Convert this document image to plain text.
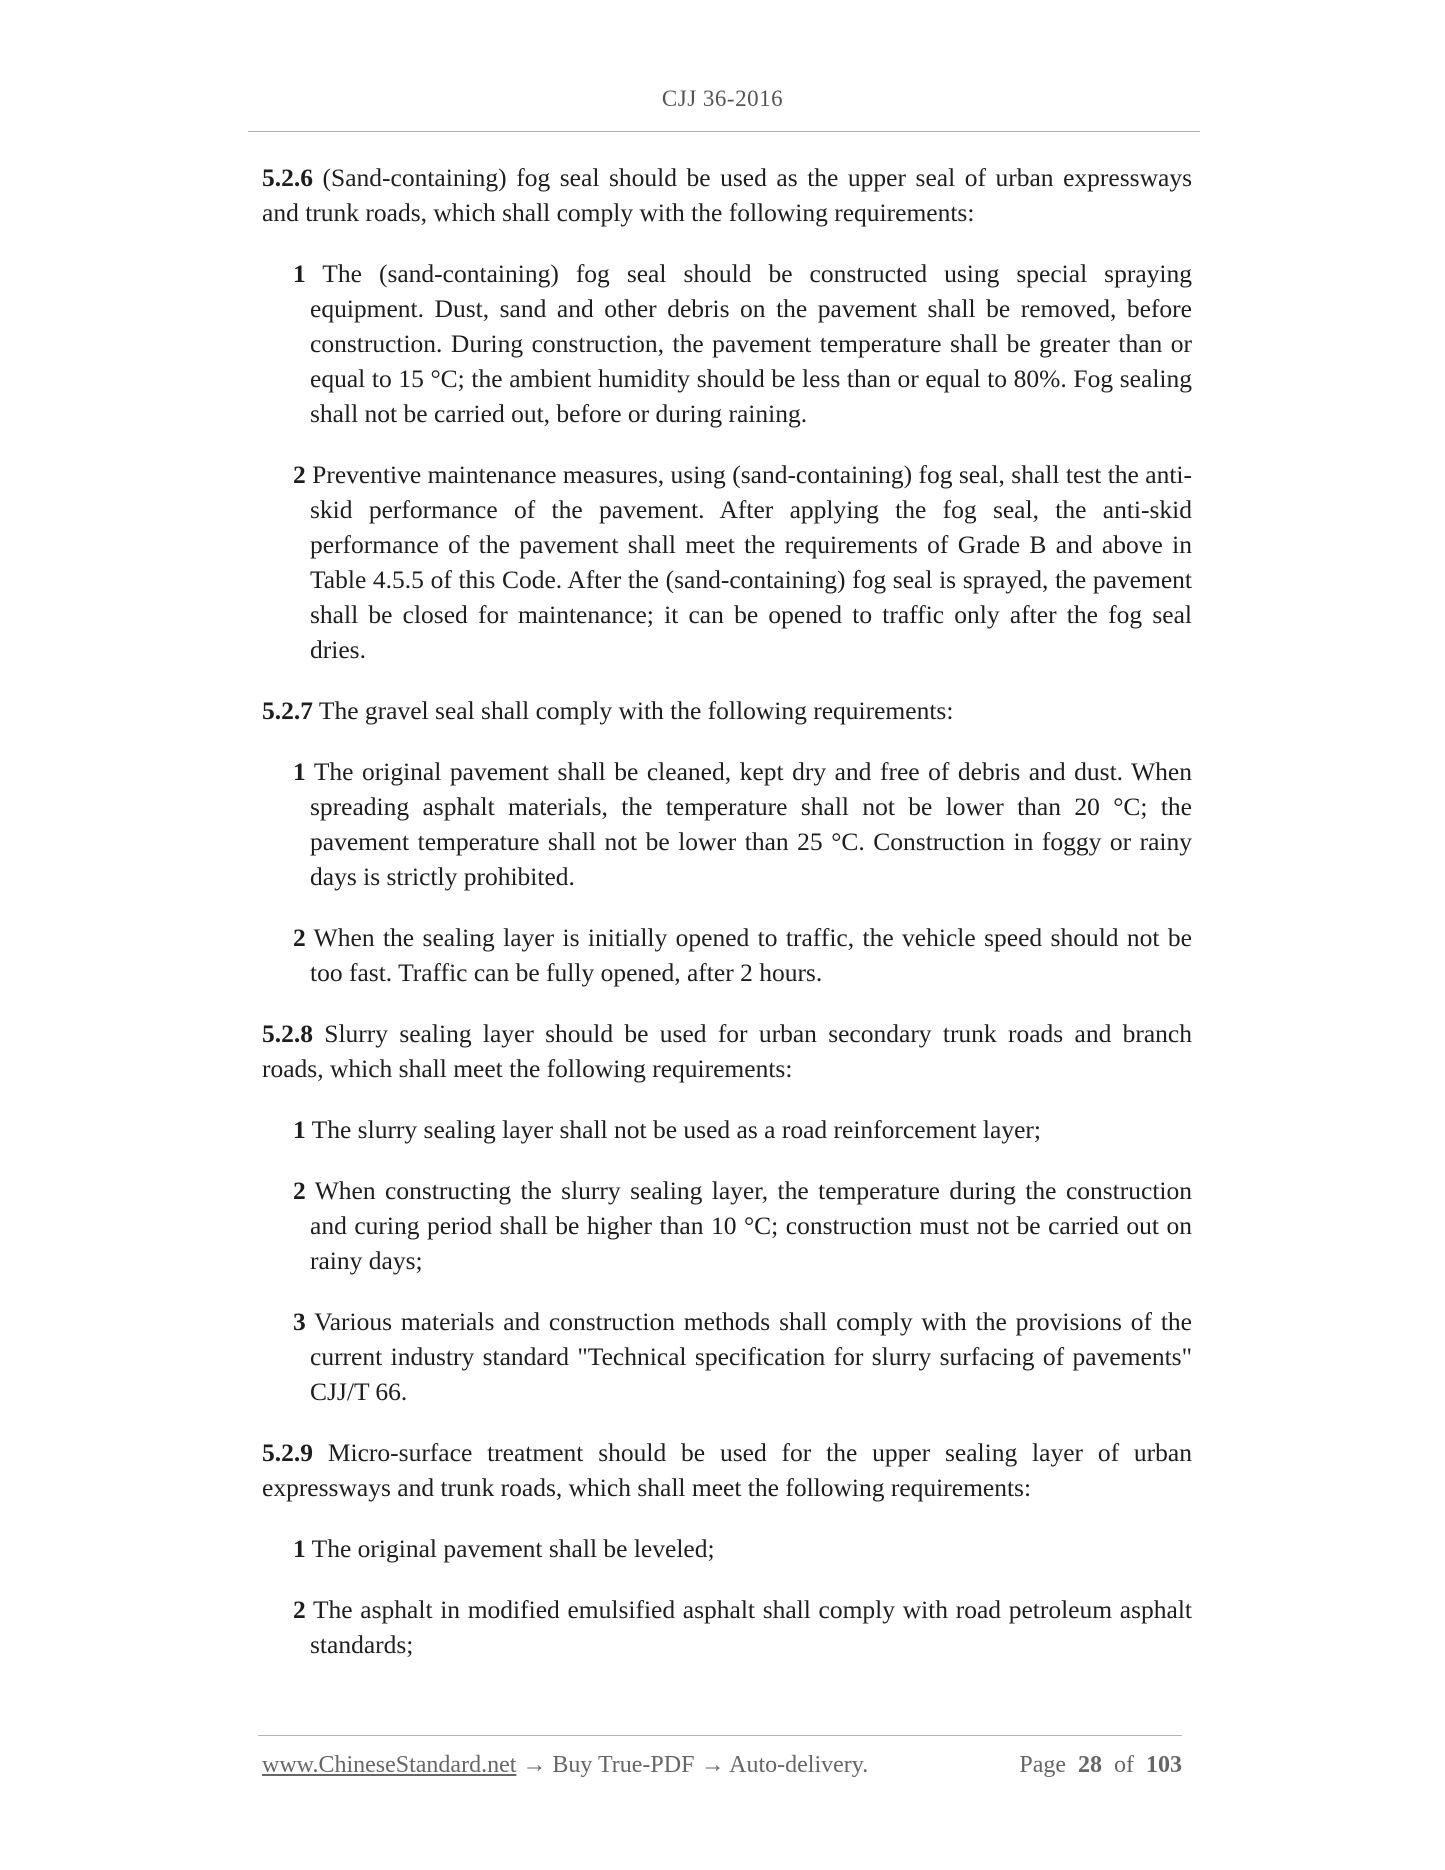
CJJ 36-2016

5.2.6 (Sand-containing) fog seal should be used as the upper seal of urban expressways and trunk roads, which shall comply with the following requirements:

1 The (sand-containing) fog seal should be constructed using special spraying equipment. Dust, sand and other debris on the pavement shall be removed, before construction. During construction, the pavement temperature shall be greater than or equal to 15 °C; the ambient humidity should be less than or equal to 80%. Fog sealing shall not be carried out, before or during raining.

2 Preventive maintenance measures, using (sand-containing) fog seal, shall test the anti-skid performance of the pavement. After applying the fog seal, the anti-skid performance of the pavement shall meet the requirements of Grade B and above in Table 4.5.5 of this Code. After the (sand-containing) fog seal is sprayed, the pavement shall be closed for maintenance; it can be opened to traffic only after the fog seal dries.

5.2.7 The gravel seal shall comply with the following requirements:

1 The original pavement shall be cleaned, kept dry and free of debris and dust. When spreading asphalt materials, the temperature shall not be lower than 20 °C; the pavement temperature shall not be lower than 25 °C. Construction in foggy or rainy days is strictly prohibited.

2 When the sealing layer is initially opened to traffic, the vehicle speed should not be too fast. Traffic can be fully opened, after 2 hours.

5.2.8 Slurry sealing layer should be used for urban secondary trunk roads and branch roads, which shall meet the following requirements:

1 The slurry sealing layer shall not be used as a road reinforcement layer;

2 When constructing the slurry sealing layer, the temperature during the construction and curing period shall be higher than 10 °C; construction must not be carried out on rainy days;

3 Various materials and construction methods shall comply with the provisions of the current industry standard "Technical specification for slurry surfacing of pavements" CJJ/T 66.

5.2.9 Micro-surface treatment should be used for the upper sealing layer of urban expressways and trunk roads, which shall meet the following requirements:

1 The original pavement shall be leveled;

2 The asphalt in modified emulsified asphalt shall comply with road petroleum asphalt standards;

www.ChineseStandard.net → Buy True-PDF → Auto-delivery.	Page 28 of 103
